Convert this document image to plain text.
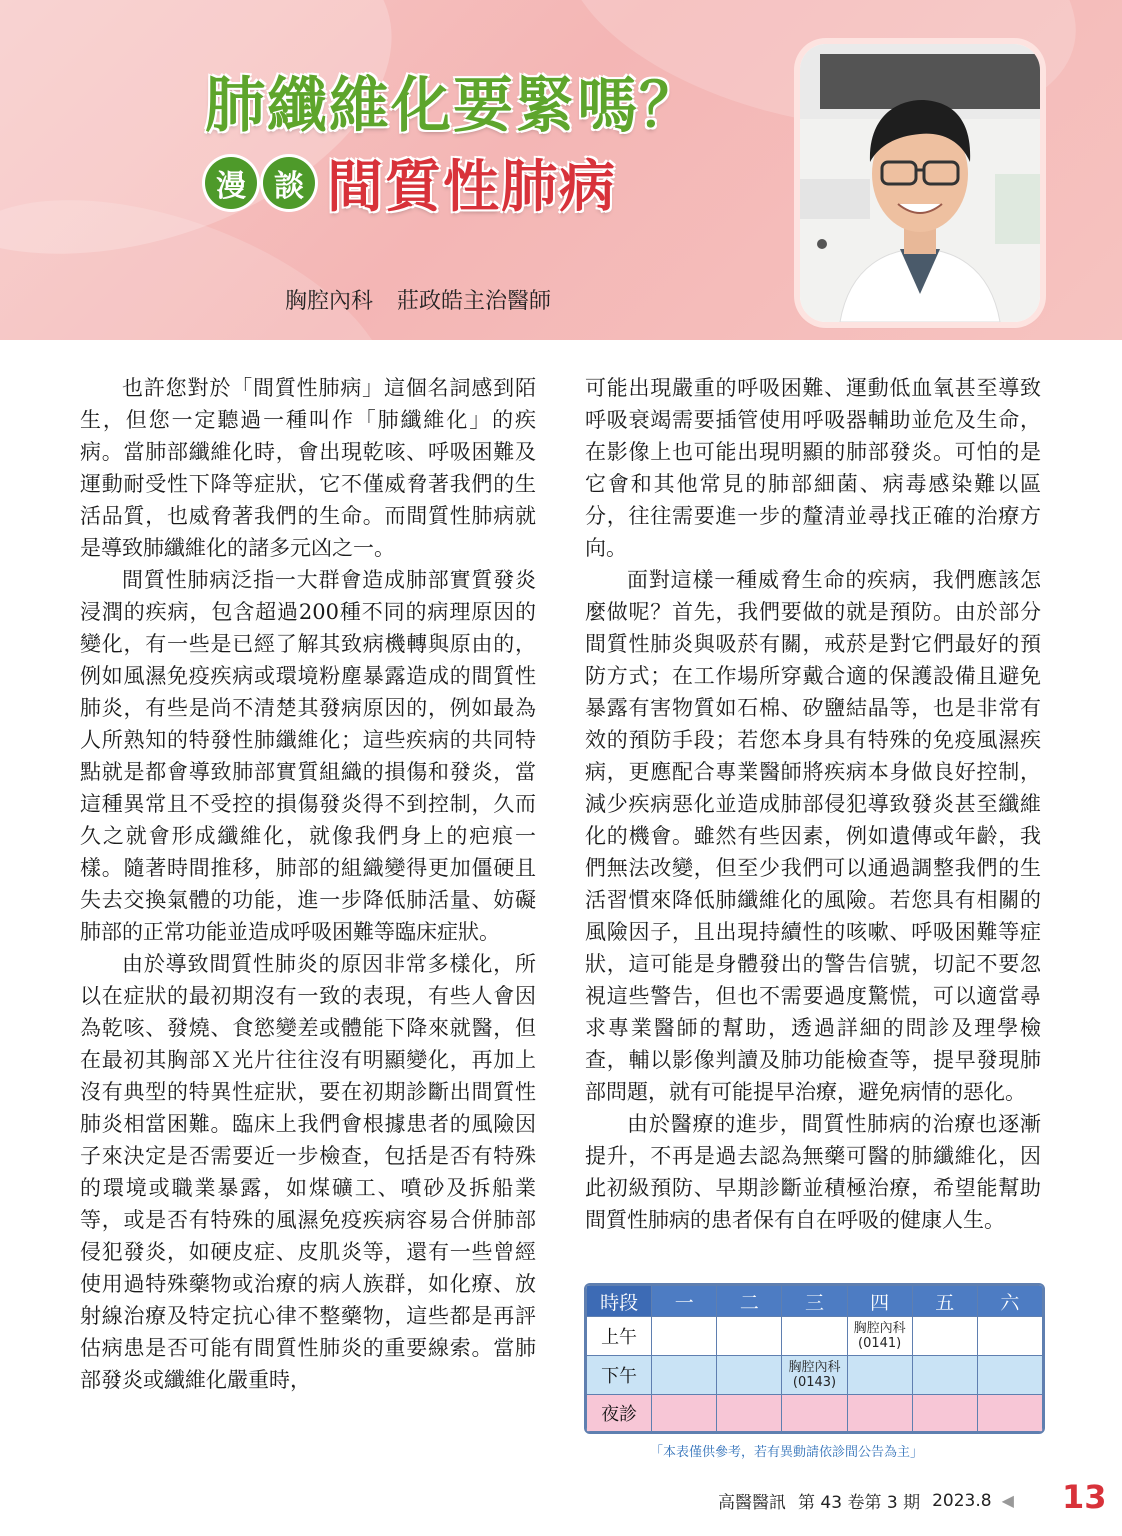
肺纖維化要緊嗎？
漫 談 間質性肺病
胸腔內科 莊政皓主治醫師

也許您對於「間質性肺病」這個名詞感到陌生，但您一定聽過一種叫作「肺纖維化」的疾病。當肺部纖維化時，會出現乾咳、呼吸困難及運動耐受性下降等症狀，它不僅威脅著我們的生活品質，也威脅著我們的生命。而間質性肺病就是導致肺纖維化的諸多元凶之一。

間質性肺病泛指一大群會造成肺部實質發炎浸潤的疾病，包含超過200種不同的病理原因的變化，有一些是已經了解其致病機轉與原由的，例如風濕免疫疾病或環境粉塵暴露造成的間質性肺炎，有些是尚不清楚其發病原因的，例如最為人所熟知的特發性肺纖維化；這些疾病的共同特點就是都會導致肺部實質組織的損傷和發炎，當這種異常且不受控的損傷發炎得不到控制，久而久之就會形成纖維化，就像我們身上的疤痕一樣。隨著時間推移，肺部的組織變得更加僵硬且失去交換氣體的功能，進一步降低肺活量、妨礙肺部的正常功能並造成呼吸困難等臨床症狀。

由於導致間質性肺炎的原因非常多樣化，所以在症狀的最初期沒有一致的表現，有些人會因為乾咳、發燒、食慾變差或體能下降來就醫，但在最初其胸部Ｘ光片往往沒有明顯變化，再加上沒有典型的特異性症狀，要在初期診斷出間質性肺炎相當困難。臨床上我們會根據患者的風險因子來決定是否需要近一步檢查，包括是否有特殊的環境或職業暴露，如煤礦工、噴砂及拆船業等，或是否有特殊的風濕免疫疾病容易合併肺部侵犯發炎，如硬皮症、皮肌炎等，還有一些曾經使用過特殊藥物或治療的病人族群，如化療、放射線治療及特定抗心律不整藥物，這些都是再評估病患是否可能有間質性肺炎的重要線索。當肺部發炎或纖維化嚴重時，

可能出現嚴重的呼吸困難、運動低血氧甚至導致呼吸衰竭需要插管使用呼吸器輔助並危及生命，在影像上也可能出現明顯的肺部發炎。可怕的是它會和其他常見的肺部細菌、病毒感染難以區分，往往需要進一步的釐清並尋找正確的治療方向。

面對這樣一種威脅生命的疾病，我們應該怎麼做呢？首先，我們要做的就是預防。由於部分間質性肺炎與吸菸有關，戒菸是對它們最好的預防方式；在工作場所穿戴合適的保護設備且避免暴露有害物質如石棉、矽鹽結晶等，也是非常有效的預防手段；若您本身具有特殊的免疫風濕疾病，更應配合專業醫師將疾病本身做良好控制，減少疾病惡化並造成肺部侵犯導致發炎甚至纖維化的機會。雖然有些因素，例如遺傳或年齡，我們無法改變，但至少我們可以通過調整我們的生活習慣來降低肺纖維化的風險。若您具有相關的風險因子，且出現持續性的咳嗽、呼吸困難等症狀，這可能是身體發出的警告信號，切記不要忽視這些警告，但也不需要過度驚慌，可以適當尋求專業醫師的幫助，透過詳細的問診及理學檢查，輔以影像判讀及肺功能檢查等，提早發現肺部問題，就有可能提早治療，避免病情的惡化。

由於醫療的進步，間質性肺病的治療也逐漸提升，不再是過去認為無藥可醫的肺纖維化，因此初級預防、早期診斷並積極治療，希望能幫助間質性肺病的患者保有自在呼吸的健康人生。

時段	一	二	三	四	五	六
上午				胸腔內科
(0141)		

下午			胸腔內科
(0143)			

夜診						
「本表僅供參考，若有異動請依診間公告為主」
高醫醫訊 第 43 卷第 3 期 2023.8 ◀ 13
